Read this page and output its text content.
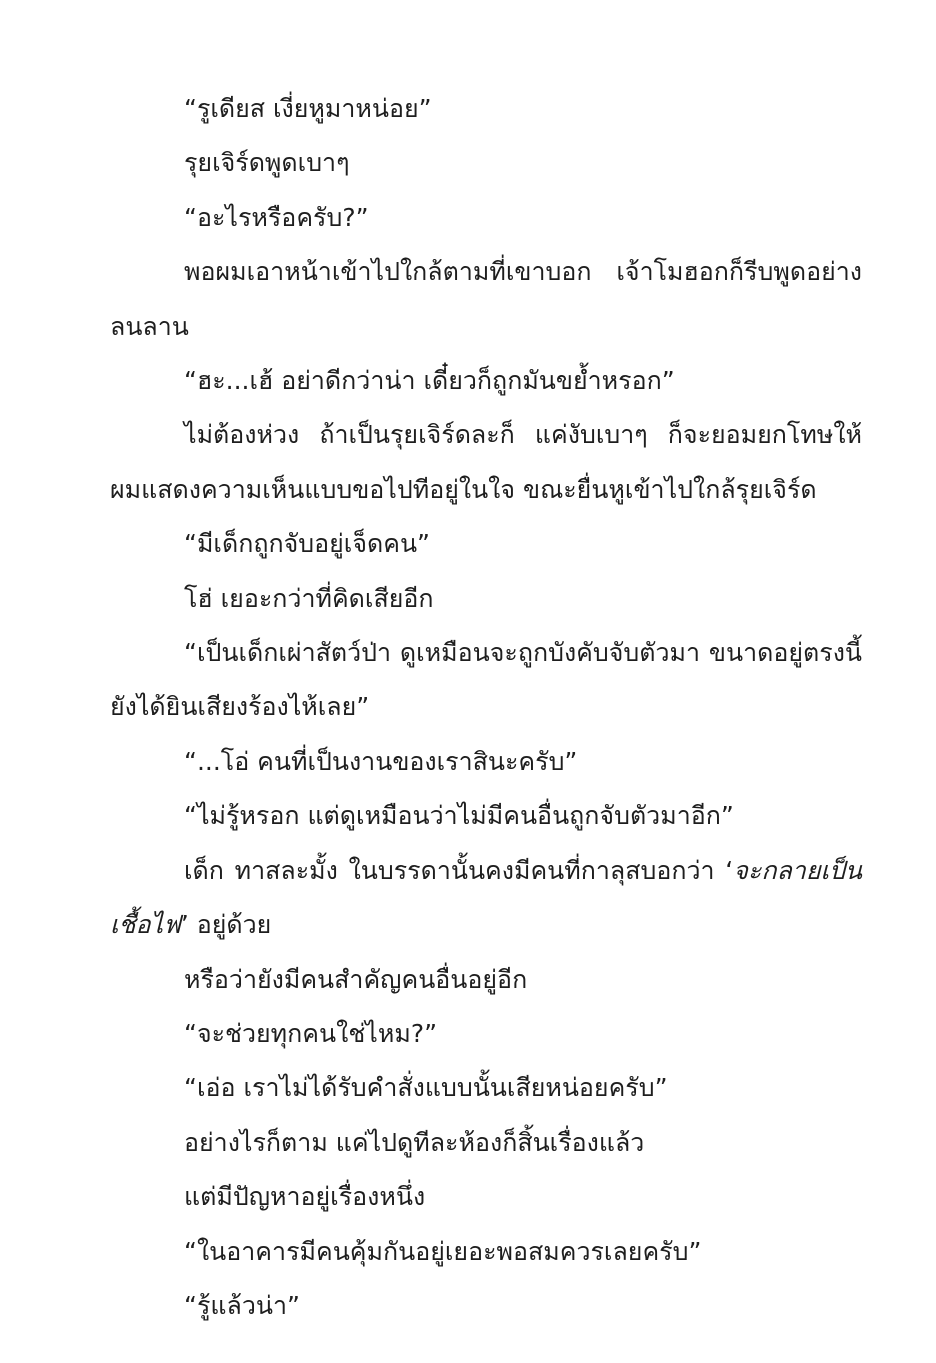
“รูเดียส เงี่ยหูมาหน่อย”

รุยเจิร์ดพูดเบาๆ

“อะไรหรือครับ?”

พอผมเอาหน้าเข้าไปใกล้ตามที่เขาบอก เจ้าโมฮอกก็รีบพูดอย่างลนลาน

“ฮะ...เฮ้ อย่าดีกว่าน่า เดี๋ยวก็ถูกมันขย้ำหรอก”

ไม่ต้องห่วง ถ้าเป็นรุยเจิร์ดละก็ แค่งับเบาๆ ก็จะยอมยกโทษให้ ผมแสดงความเห็นแบบขอไปทีอยู่ในใจ ขณะยื่นหูเข้าไปใกล้รุยเจิร์ด

“มีเด็กถูกจับอยู่เจ็ดคน”

โฮ่ เยอะกว่าที่คิดเสียอีก

“เป็นเด็กเผ่าสัตว์ป่า ดูเหมือนจะถูกบังคับจับตัวมา ขนาดอยู่ตรงนี้ยังได้ยินเสียงร้องไห้เลย”

“...โอ่ คนที่เป็นงานของเราสินะครับ”

“ไม่รู้หรอก แต่ดูเหมือนว่าไม่มีคนอื่นถูกจับตัวมาอีก”

เด็ก ทาสละมั้ง ในบรรดานั้นคงมีคนที่กาลุสบอกว่า ‘จะกลายเป็นเชื้อไฟ’ อยู่ด้วย

หรือว่ายังมีคนสำคัญคนอื่นอยู่อีก

“จะช่วยทุกคนใช่ไหม?”

“เอ่อ เราไม่ได้รับคำสั่งแบบนั้นเสียหน่อยครับ”

อย่างไรก็ตาม แค่ไปดูทีละห้องก็สิ้นเรื่องแล้ว

แต่มีปัญหาอยู่เรื่องหนึ่ง

“ในอาคารมีคนคุ้มกันอยู่เยอะพอสมควรเลยครับ”

“รู้แล้วน่า”
